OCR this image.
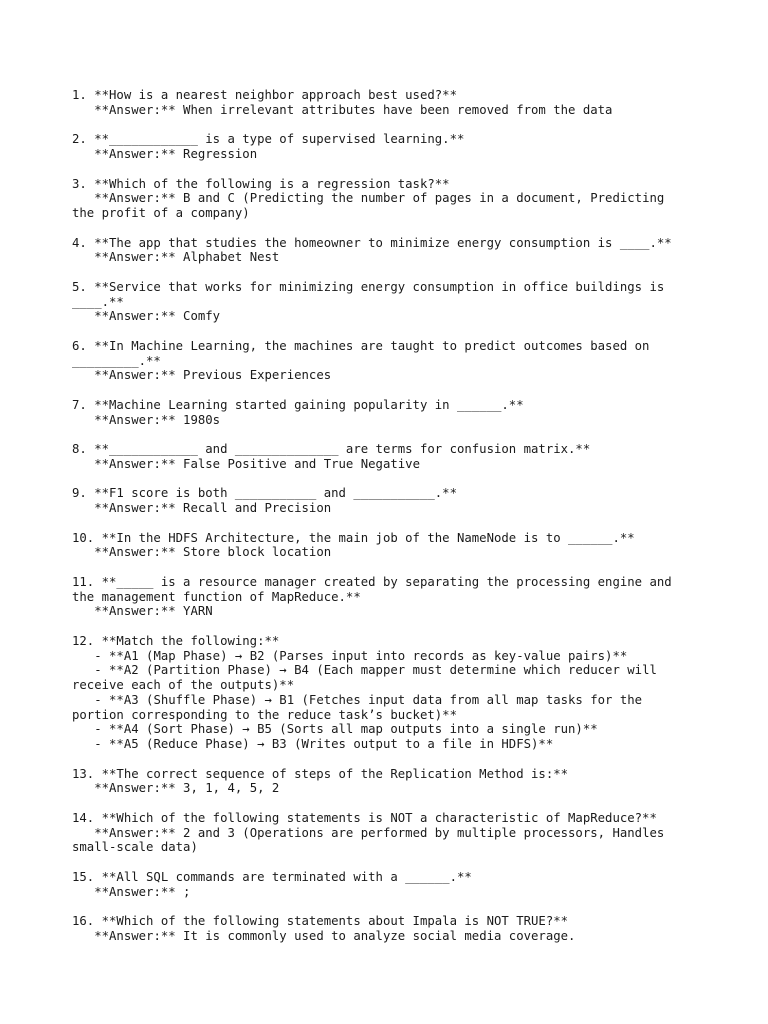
1. **How is a nearest neighbor approach best used?**
**Answer:** When irrelevant attributes have been removed from the data
2. **____________ is a type of supervised learning.**
**Answer:** Regression
3. **Which of the following is a regression task?**
**Answer:** B and C (Predicting the number of pages in a document, Predicting the profit of a company)
4. **The app that studies the homeowner to minimize energy consumption is ____.**
**Answer:** Alphabet Nest
5. **Service that works for minimizing energy consumption in office buildings is ____.**
**Answer:** Comfy
6. **In Machine Learning, the machines are taught to predict outcomes based on _________.**
**Answer:** Previous Experiences
7. **Machine Learning started gaining popularity in ______.**
**Answer:** 1980s
8. **____________ and ______________ are terms for confusion matrix.**
**Answer:** False Positive and True Negative
9. **F1 score is both ___________ and ___________.**
**Answer:** Recall and Precision
10. **In the HDFS Architecture, the main job of the NameNode is to ______.**
**Answer:** Store block location
11. **_____ is a resource manager created by separating the processing engine and the management function of MapReduce.**
**Answer:** YARN
12. **Match the following:**
- **A1 (Map Phase) → B2 (Parses input into records as key-value pairs)**
- **A2 (Partition Phase) → B4 (Each mapper must determine which reducer will receive each of the outputs)**
- **A3 (Shuffle Phase) → B1 (Fetches input data from all map tasks for the portion corresponding to the reduce task’s bucket)**
- **A4 (Sort Phase) → B5 (Sorts all map outputs into a single run)**
- **A5 (Reduce Phase) → B3 (Writes output to a file in HDFS)**
13. **The correct sequence of steps of the Replication Method is:**
**Answer:** 3, 1, 4, 5, 2
14. **Which of the following statements is NOT a characteristic of MapReduce?**
**Answer:** 2 and 3 (Operations are performed by multiple processors, Handles small-scale data)
15. **All SQL commands are terminated with a ______.**
**Answer:** ;
16. **Which of the following statements about Impala is NOT TRUE?**
**Answer:** It is commonly used to analyze social media coverage.
